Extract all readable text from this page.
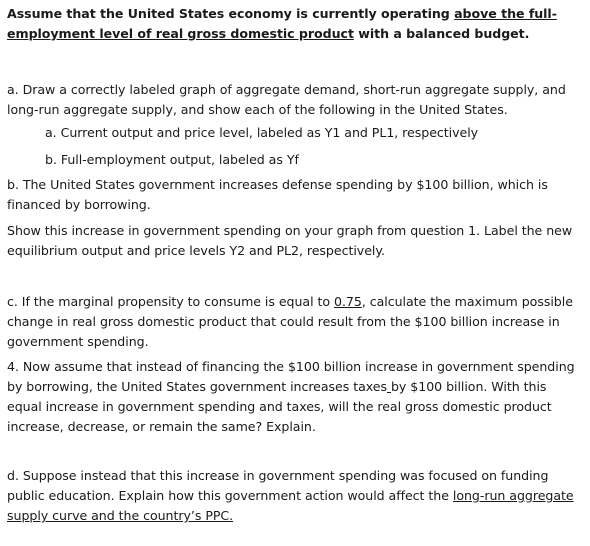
Assume that the United States economy is currently operating above the full-employment level of real gross domestic product with a balanced budget.
a. Draw a correctly labeled graph of aggregate demand, short-run aggregate supply, and long-run aggregate supply, and show each of the following in the United States.
a. Current output and price level, labeled as Y1 and PL1, respectively
b. Full-employment output, labeled as Yf
b. The United States government increases defense spending by $100 billion, which is financed by borrowing.
Show this increase in government spending on your graph from question 1. Label the new equilibrium output and price levels Y2 and PL2, respectively.
c. If the marginal propensity to consume is equal to 0.75, calculate the maximum possible change in real gross domestic product that could result from the $100 billion increase in government spending.
4. Now assume that instead of financing the $100 billion increase in government spending by borrowing, the United States government increases taxes by $100 billion. With this equal increase in government spending and taxes, will the real gross domestic product increase, decrease, or remain the same? Explain.
d. Suppose instead that this increase in government spending was focused on funding public education. Explain how this government action would affect the long-run aggregate supply curve and the country’s PPC.
